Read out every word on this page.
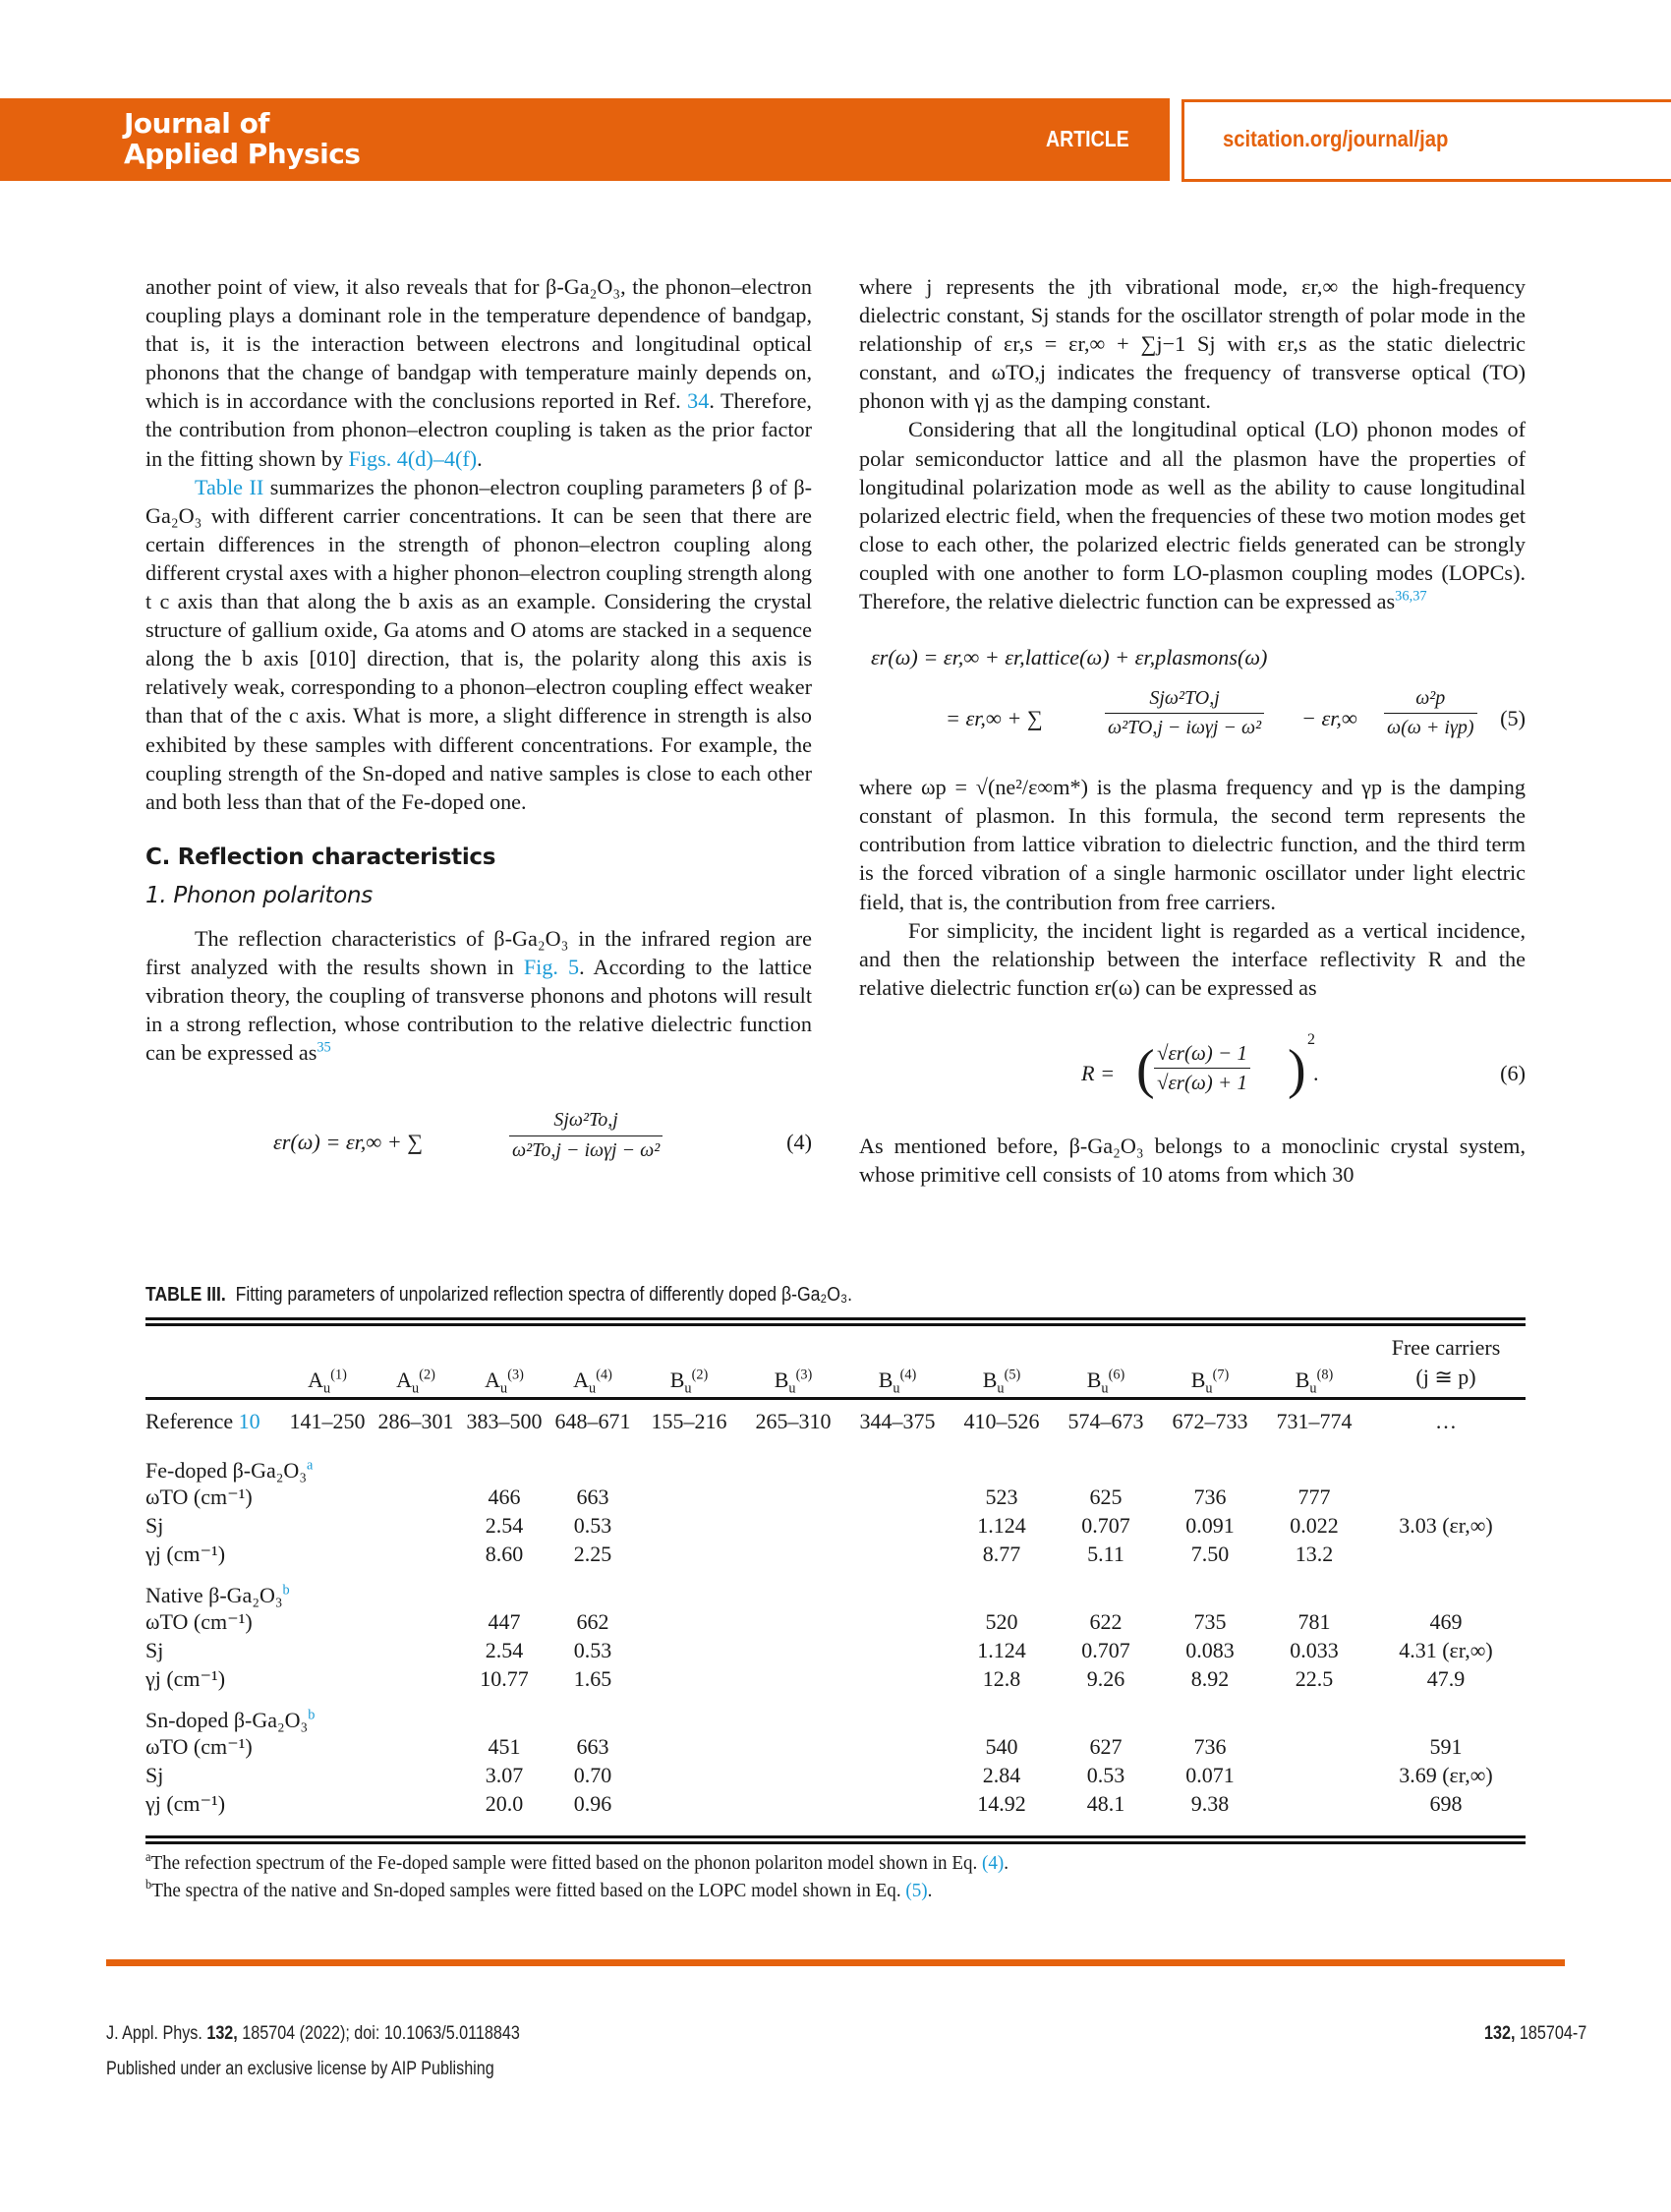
Journal of
Applied Physics	ARTICLE	scitation.org/journal/jap

another point of view, it also reveals that for β-Ga₂O₃, the phonon–electron coupling plays a dominant role in the temperature dependence of bandgap, that is, it is the interaction between electrons and longitudinal optical phonons that the change of bandgap with temperature mainly depends on, which is in accordance with the conclusions reported in Ref. 34. Therefore, the contribution from phonon–electron coupling is taken as the prior factor in the fitting shown by Figs. 4(d)–4(f).

Table II summarizes the phonon–electron coupling parameters β of β-Ga₂O₃ with different carrier concentrations. It can be seen that there are certain differences in the strength of phonon–electron coupling along different crystal axes with a higher phonon–electron coupling strength along t c axis than that along the b axis as an example. Considering the crystal structure of gallium oxide, Ga atoms and O atoms are stacked in a sequence along the b axis [010] direction, that is, the polarity along this axis is relatively weak, corresponding to a phonon–electron coupling effect weaker than that of the c axis. What is more, a slight difference in strength is also exhibited by these samples with different concentrations. For example, the coupling strength of the Sn-doped and native samples is close to each other and both less than that of the Fe-doped one.

C. Reflection characteristics

1. Phonon polaritons

The reflection characteristics of β-Ga₂O₃ in the infrared region are first analyzed with the results shown in Fig. 5. According to the lattice vibration theory, the coupling of transverse phonons and photons will result in a strong reflection, whose contribution to the relative dielectric function can be expressed $as^{35}$

εr(ω) = εr,∞ + ∑
Sjω²To,j
ω²To,j − iωγj − ω²	(4)

where j represents the jth vibrational mode, εr,∞ the high-frequency dielectric constant, Sj stands for the oscillator strength of polar mode in the relationship of εr,s = εr,∞ + ∑j−1 Sj with εr,s as the static dielectric constant, and ωTO,j indicates the frequency of transverse optical (TO) phonon with γj as the damping constant.

Considering that all the longitudinal optical (LO) phonon modes of polar semiconductor lattice and all the plasmon have the properties of longitudinal polarization mode as well as the ability to cause longitudinal polarized electric field, when the frequencies of these two motion modes get close to each other, the polarized electric fields generated can be strongly coupled with one another to form LO-plasmon coupling modes (LOPCs). Therefore, the relative dielectric function can be expressed as$^{36,37}$

εr(ω) = εr,∞ + εr,lattice(ω) + εr,plasmons(ω)
= εr,∞ + ∑
Sjω²TO,j
ω²TO,j − iωγj − ω² − εr,∞
ω²p
ω(ω + iγp) (5)

where ωp = √(ne²/ε∞m*) is the plasma frequency and γp is the damping constant of plasmon. In this formula, the second term represents the contribution from lattice vibration to dielectric function, and the third term is the forced vibration of a single harmonic oscillator under light electric field, that is, the contribution from free carriers.

For simplicity, the incident light is regarded as a vertical incidence, and then the relationship between the interface reflectivity R and the relative dielectric function εr(ω) can be expressed as

R = ( $\frac{√\varepsilon r(\omega) - 1}{√\varepsilon r(\omega) + 1}$ ) 2
.	(6)

As mentioned before, β-Ga₂O₃ belongs to a monoclinic crystal system, whose primitive cell consists of 10 atoms from which 30

TABLE III. Fitting parameters of unpolarized reflection spectra of differently doped β-Ga₂O₃.
												Free carriers
	$A_u^{(1)}$	$A_u^{(2)}$	$A_u^{(3)}$	$A_u^{(4)}$	$B_u^{(2)}$	$B_u^{(3)}$	$B_u^{(4)}$	$B_u^{(5)}$	$B_u^{(6)}$	$B_u^{(7)}$	$B_u^{(8)}$	(j ≅ p)
Reference 10	141–250	286–301	383–500	648–671	155–216	265–310	344–375	410–526	574–673	672–733	731–774	…
Fe-doped β-Ga₂O₃$^a$
ωTO (cm⁻¹)			466	663				523	625	736	777	
Sj			2.54	0.53				1.124	0.707	0.091	0.022	3.03 (εr,∞)
γj (cm⁻¹)			8.60	2.25				8.77	5.11	7.50	13.2	
Native β-Ga₂O₃$^b$
ωTO (cm⁻¹)			447	662				520	622	735	781	469
Sj			2.54	0.53				1.124	0.707	0.083	0.033	4.31 (εr,∞)
γj (cm⁻¹)			10.77	1.65				12.8	9.26	8.92	22.5	47.9
Sn-doped β-Ga₂O₃$^b$
ωTO (cm⁻¹)			451	663				540	627	736		591
Sj			3.07	0.70				2.84	0.53	0.071		3.69 (εr,∞)
γj (cm⁻¹)			20.0	0.96				14.92	48.1	9.38		698
$^a$The refection spectrum of the Fe-doped sample were fitted based on the phonon polariton model shown in Eq. (4).
$^b$The spectra of the native and Sn-doped samples were fitted based on the LOPC model shown in Eq. (5).
J. Appl. Phys. 132, 185704 (2022); doi: 10.1063/5.0118843
Published under an exclusive license by AIP Publishing
132, 185704-7
